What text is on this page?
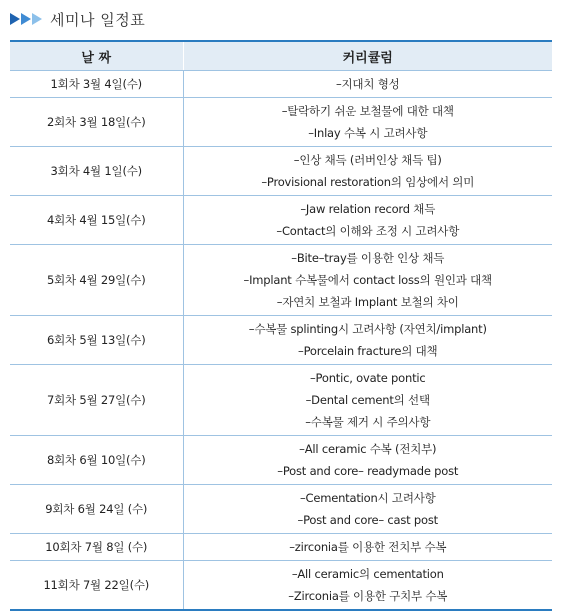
세미나 일정표
날 짜	커리큘럼
1회차 3월 4일(수)	–지대치 형성

2회차 3월 18일(수)	–탈락하기 쉬운 보철물에 대한 대책
–Inlay 수복 시 고려사항

3회차 4월 1일(수)	–인상 채득 (러버인상 채득 팁)
–Provisional restoration의 임상에서 의미

4회차 4월 15일(수)	–Jaw relation record 채득
–Contact의 이해와 조정 시 고려사항

5회차 4월 29일(수)	–Bite–tray를 이용한 인상 채득
–Implant 수복물에서 contact loss의 원인과 대책
–자연치 보철과 Implant 보철의 차이

6회차 5월 13일(수)	–수복물 splinting시 고려사항 (자연치/implant)
–Porcelain fracture의 대책

7회차 5월 27일(수)	–Pontic, ovate pontic
–Dental cement의 선택
–수복물 제거 시 주의사항

8회차 6월 10일(수)	–All ceramic 수복 (전치부)
–Post and core– readymade post

9회차 6월 24일 (수)	–Cementation시 고려사항
–Post and core– cast post

10회차 7월 8일 (수)	–zirconia를 이용한 전치부 수복

11회차 7월 22일(수)	–All ceramic의 cementation
–Zirconia를 이용한 구치부 수복
